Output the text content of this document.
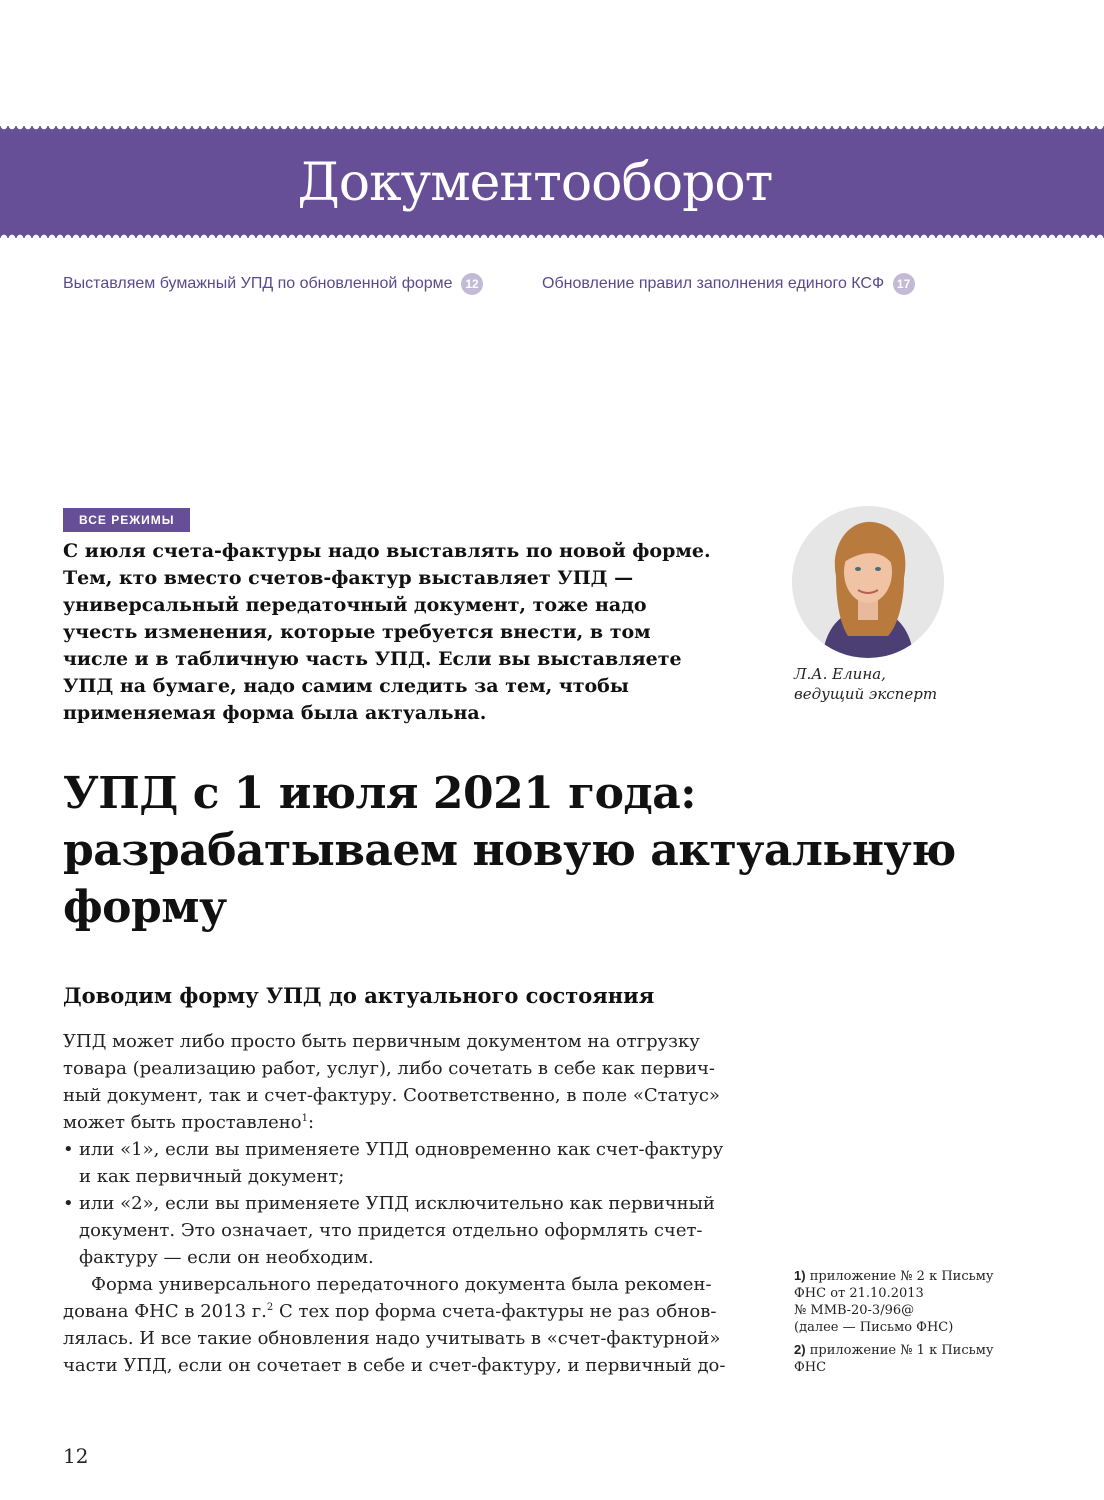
Документооборот
Выставляем бумажный УПД по обновленной форме 12	Обновление правил заполнения единого КСФ 17
ВСЕ РЕЖИМЫ
С июля счета-фактуры надо выставлять по новой форме.
Тем, кто вместо счетов-фактур выставляет УПД —
универсальный передаточный документ, тоже надо
учесть изменения, которые требуется внести, в том
числе и в табличную часть УПД. Если вы выставляете
УПД на бумаге, надо самим следить за тем, чтобы
применяемая форма была актуальна.
Л.А. Елина,
ведущий эксперт
УПД с 1 июля 2021 года:
разрабатываем новую актуальную
форму
Доводим форму УПД до актуального состояния
УПД может либо просто быть первичным документом на отгрузку
товара (реализацию работ, услуг), либо сочетать в себе как первич-
ный документ, так и счет-фактуру. Соответственно, в поле «Статус»
может быть проставлено$^1$:
• или «1», если вы применяете УПД одновременно как счет-фактуру
и как первичный документ;
• или «2», если вы применяете УПД исключительно как первичный
документ. Это означает, что придется отдельно оформлять счет-
фактуру — если он необходим.
Форма универсального передаточного документа была рекомен-
дована ФНС в 2013 г.$^2$ С тех пор форма счета-фактуры не раз обнов-
лялась. И все такие обновления надо учитывать в «счет-фактурной»
части УПД, если он сочетает в себе и счет-фактуру, и первичный до-
1) приложение № 2 к Письму
ФНС от 21.10.2013
№ ММВ-20-3/96@
(далее — Письмо ФНС)
2) приложение № 1 к Письму
ФНС
12
